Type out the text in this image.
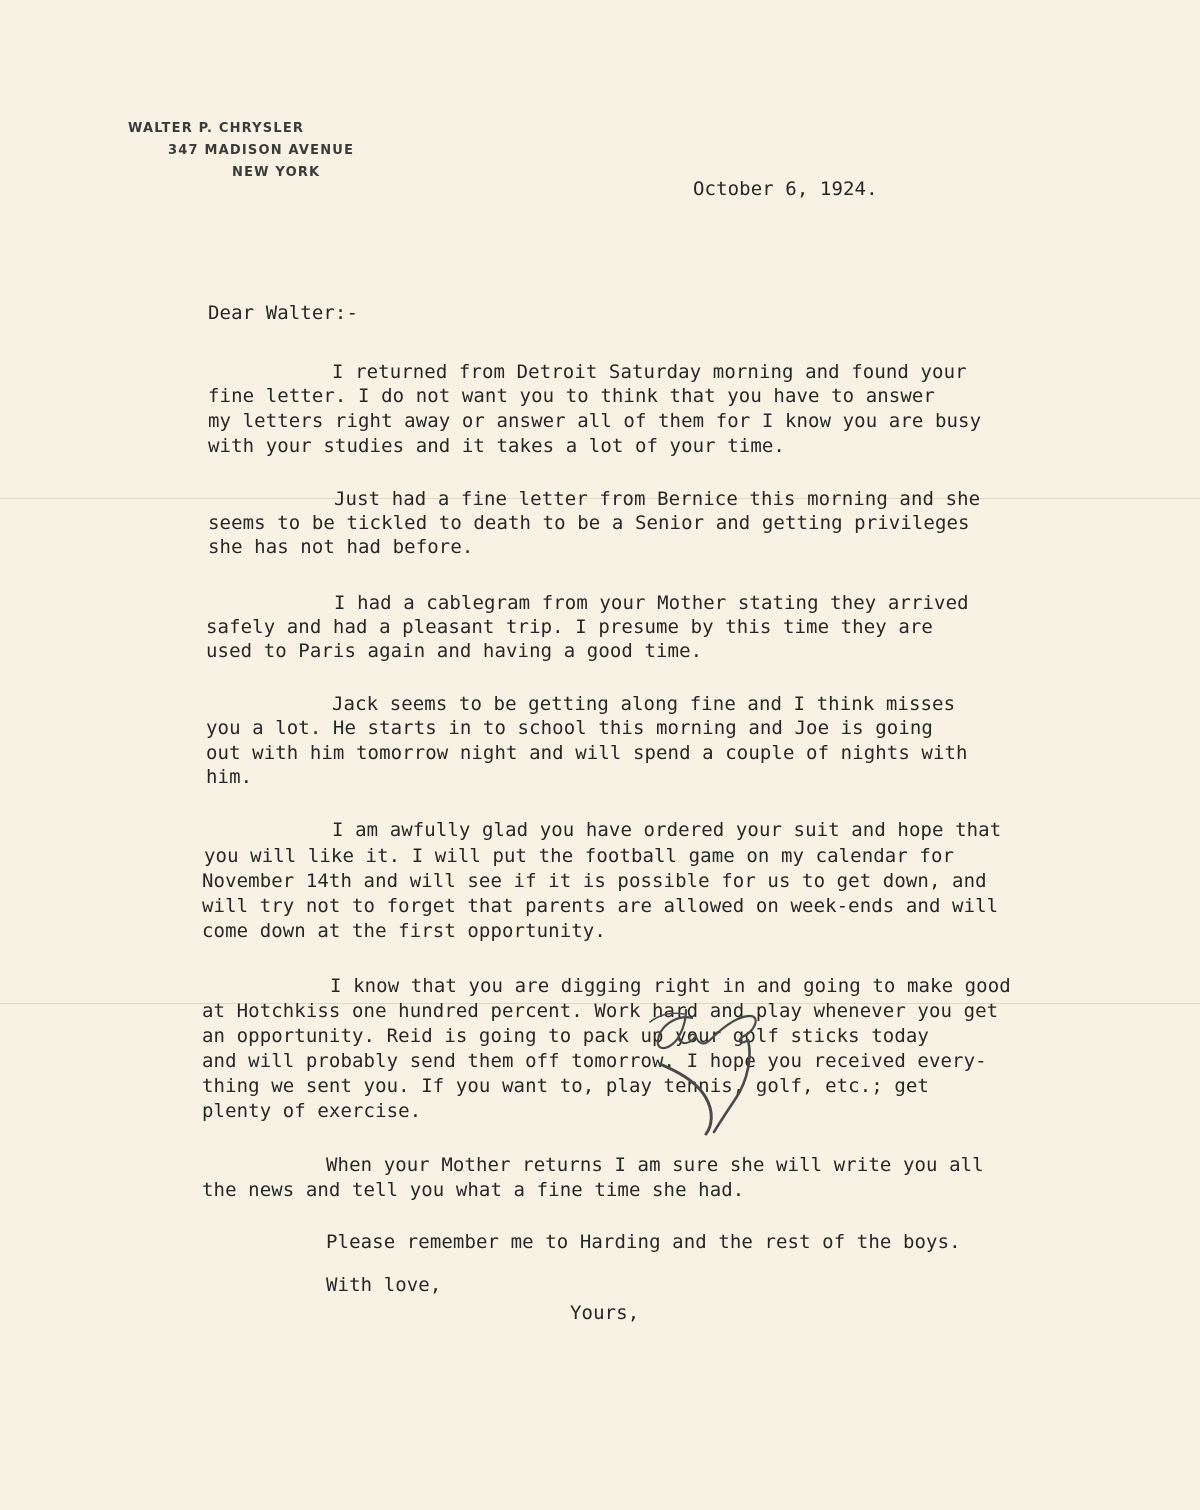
WALTER P. CHRYSLER
347 MADISON AVENUE
NEW YORK
October 6, 1924.
Dear Walter:-
I returned from Detroit Saturday morning and found your
fine letter. I do not want you to think that you have to answer
my letters right away or answer all of them for I know you are busy
with your studies and it takes a lot of your time.
Just had a fine letter from Bernice this morning and she
seems to be tickled to death to be a Senior and getting privileges
she has not had before.
I had a cablegram from your Mother stating they arrived
safely and had a pleasant trip. I presume by this time they are
used to Paris again and having a good time.
Jack seems to be getting along fine and I think misses
you a lot. He starts in to school this morning and Joe is going
out with him tomorrow night and will spend a couple of nights with
him.
I am awfully glad you have ordered your suit and hope that
you will like it. I will put the football game on my calendar for
November 14th and will see if it is possible for us to get down, and
will try not to forget that parents are allowed on week-ends and will
come down at the first opportunity.
I know that you are digging right in and going to make good
at Hotchkiss one hundred percent. Work hard and play whenever you get
an opportunity. Reid is going to pack up your golf sticks today
and will probably send them off tomorrow. I hope you received every-
thing we sent you. If you want to, play tennis, golf, etc.; get
plenty of exercise.
When your Mother returns I am sure she will write you all
the news and tell you what a fine time she had.
Please remember me to Harding and the rest of the boys.
With love,
Yours,
